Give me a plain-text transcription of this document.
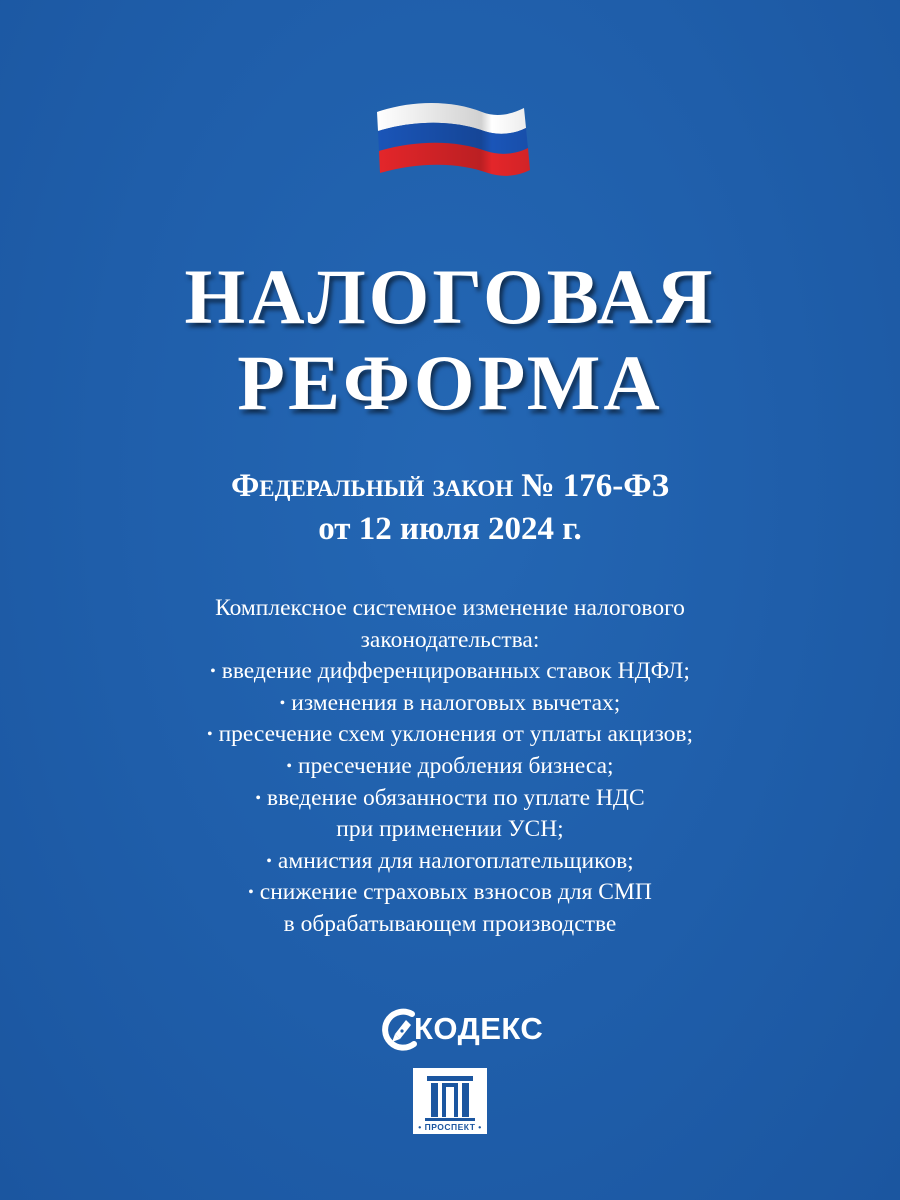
НАЛОГОВАЯ
РЕФОРМА
Федеральный закон № 176-ФЗ
от 12 июля 2024 г.
Комплексное системное изменение налогового
законодательства:
• введение дифференцированных ставок НДФЛ;
• изменения в налоговых вычетах;
• пресечение схем уклонения от уплаты акцизов;
• пресечение дробления бизнеса;
• введение обязанности по уплате НДС
при применении УСН;
• амнистия для налогоплательщиков;
• снижение страховых взносов для СМП
в обрабатывающем производстве
КОДЕКС
• ПРОСПЕКТ •
